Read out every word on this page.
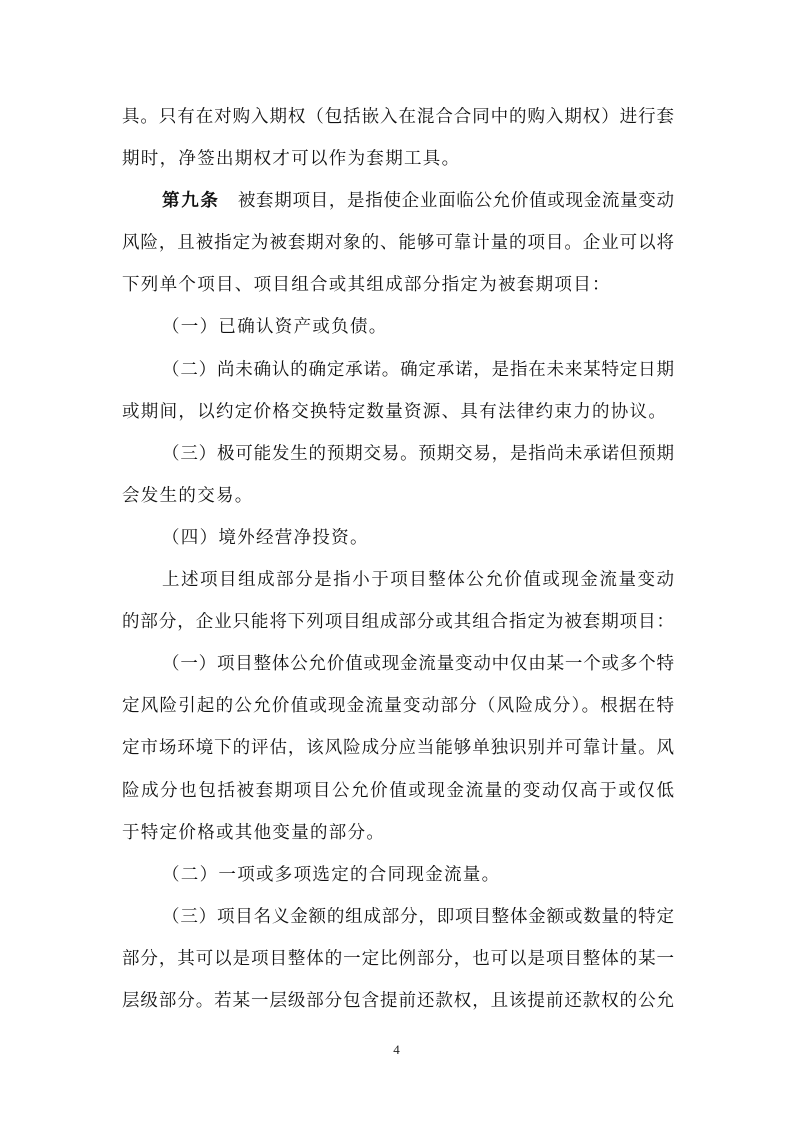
具。只有在对购入期权（包括嵌入在混合合同中的购入期权）进行套
期时，净签出期权才可以作为套期工具。
第九条　被套期项目，是指使企业面临公允价值或现金流量变动
风险，且被指定为被套期对象的、能够可靠计量的项目。企业可以将
下列单个项目、项目组合或其组成部分指定为被套期项目：
（一）已确认资产或负债。
（二）尚未确认的确定承诺。确定承诺，是指在未来某特定日期
或期间，以约定价格交换特定数量资源、具有法律约束力的协议。
（三）极可能发生的预期交易。预期交易，是指尚未承诺但预期
会发生的交易。
（四）境外经营净投资。
上述项目组成部分是指小于项目整体公允价值或现金流量变动
的部分，企业只能将下列项目组成部分或其组合指定为被套期项目：
（一）项目整体公允价值或现金流量变动中仅由某一个或多个特
定风险引起的公允价值或现金流量变动部分（风险成分）。根据在特
定市场环境下的评估，该风险成分应当能够单独识别并可靠计量。风
险成分也包括被套期项目公允价值或现金流量的变动仅高于或仅低
于特定价格或其他变量的部分。
（二）一项或多项选定的合同现金流量。
（三）项目名义金额的组成部分，即项目整体金额或数量的特定
部分，其可以是项目整体的一定比例部分，也可以是项目整体的某一
层级部分。若某一层级部分包含提前还款权，且该提前还款权的公允
4
